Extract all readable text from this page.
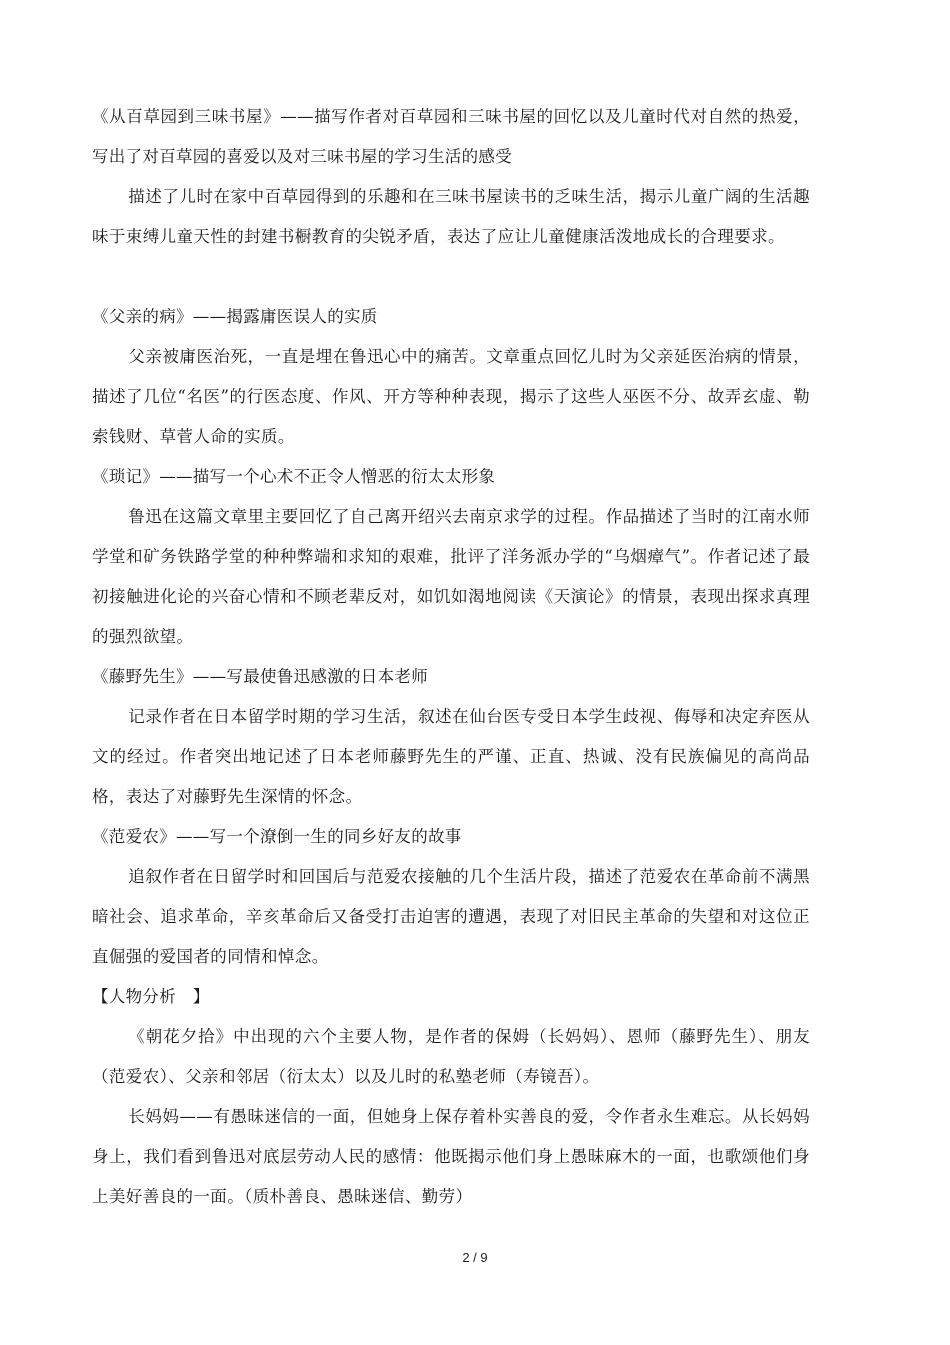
《从百草园到三味书屋》——描写作者对百草园和三味书屋的回忆以及儿童时代对自然的热爱，写出了对百草园的喜爱以及对三味书屋的学习生活的感受

描述了儿时在家中百草园得到的乐趣和在三味书屋读书的乏味生活，揭示儿童广阔的生活趣味于束缚儿童天性的封建书橱教育的尖锐矛盾，表达了应让儿童健康活泼地成长的合理要求。

《父亲的病》——揭露庸医误人的实质

父亲被庸医治死，一直是埋在鲁迅心中的痛苦。文章重点回忆儿时为父亲延医治病的情景，描述了几位“名医”的行医态度、作风、开方等种种表现，揭示了这些人巫医不分、故弄玄虚、勒索钱财、草菅人命的实质。

《琐记》——描写一个心术不正令人憎恶的衍太太形象

鲁迅在这篇文章里主要回忆了自己离开绍兴去南京求学的过程。作品描述了当时的江南水师学堂和矿务铁路学堂的种种弊端和求知的艰难，批评了洋务派办学的“乌烟瘴气”。作者记述了最初接触进化论的兴奋心情和不顾老辈反对，如饥如渴地阅读《天演论》的情景，表现出探求真理的强烈欲望。

《藤野先生》——写最使鲁迅感激的日本老师

记录作者在日本留学时期的学习生活，叙述在仙台医专受日本学生歧视、侮辱和决定弃医从文的经过。作者突出地记述了日本老师藤野先生的严谨、正直、热诚、没有民族偏见的高尚品格，表达了对藤野先生深情的怀念。

《范爱农》——写一个潦倒一生的同乡好友的故事

追叙作者在日留学时和回国后与范爱农接触的几个生活片段，描述了范爱农在革命前不满黑暗社会、追求革命，辛亥革命后又备受打击迫害的遭遇，表现了对旧民主革命的失望和对这位正直倔强的爱国者的同情和悼念。

【人物分析　】

《朝花夕拾》中出现的六个主要人物，是作者的保姆（长妈妈）、恩师（藤野先生）、朋友（范爱农）、父亲和邻居（衍太太）以及儿时的私塾老师（寿镜吾）。

长妈妈——有愚昧迷信的一面，但她身上保存着朴实善良的爱，令作者永生难忘。从长妈妈身上，我们看到鲁迅对底层劳动人民的感情：他既揭示他们身上愚昧麻木的一面，也歌颂他们身上美好善良的一面。（质朴善良、愚昧迷信、勤劳）

2 / 9
